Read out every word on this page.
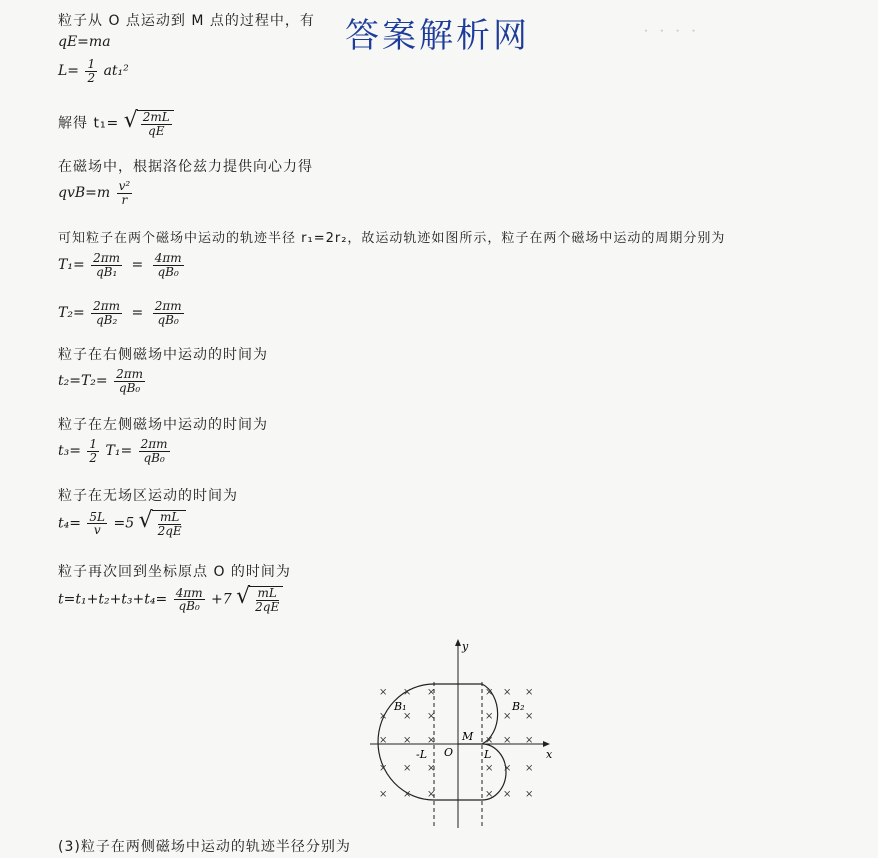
・ ・ ・ ・
答案解析网
粒子从 O 点运动到 M 点的过程中，有
qE=ma
$L= \frac{1}{2} at_1^2$
解得 t₁= √ $\frac{2mL}{qE}$
在磁场中，根据洛伦兹力提供向心力得
$qvB=m \frac{\text{v²}}{r}$
可知粒子在两个磁场中运动的轨迹半径 r₁=2r₂，故运动轨迹如图所示，粒子在两个磁场中运动的周期分别为
$T_1= \frac{2\pi m}{\text{qB₁}} = \frac{4\pi m}{\text{qB₀}}$
$T_2= \frac{2\pi m}{\text{qB₂}} = \frac{2\pi m}{\text{qB₀}}$
粒子在右侧磁场中运动的时间为
$t_2=T_2= \frac{2\pi m}{\text{qB₀}}$
粒子在左侧磁场中运动的时间为
$t_3= \frac{1}{2} T_1= \frac{2\pi m}{\text{qB₀}}$
粒子在无场区运动的时间为
$t_4= \frac{5L}{v} =5$ √ $\frac{mL}{2qE}$
粒子再次回到坐标原点 O 的时间为
$t=t_1+t_2+t_3+t_4= \frac{4\pi m}{\text{qB₀}} +7$ √ $\frac{mL}{2qE}$
× × ×	× × ×
× × ×	× × ×
× × ×	× × ×
× × ×	× × ×
× × ×	× × ×
y
x
B₁	B₂
M
O
-L	L
(3)粒子在两侧磁场中运动的轨迹半径分别为
